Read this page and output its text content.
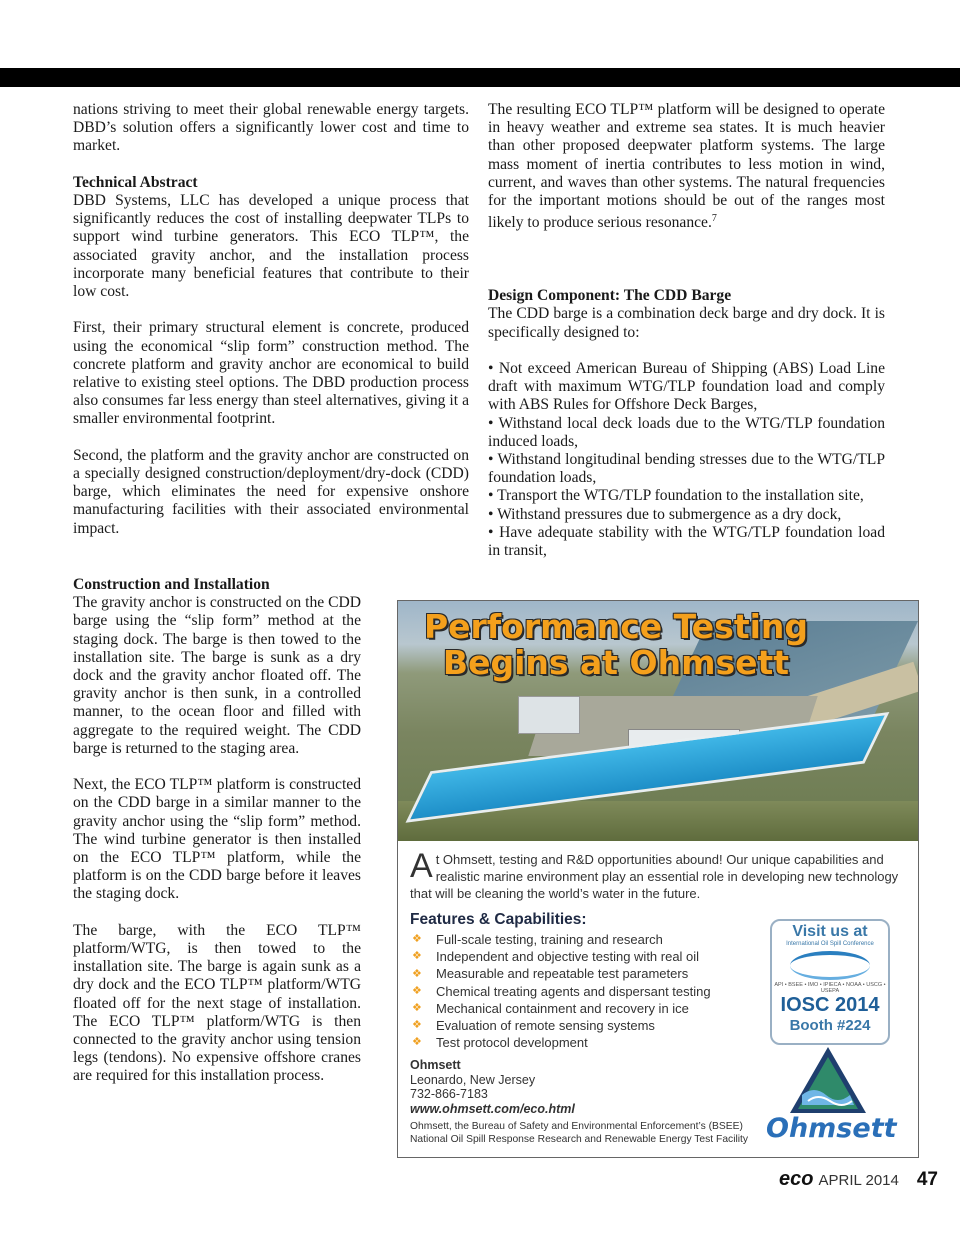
nations striving to meet their global renewable energy targets. DBD’s solution offers a significantly lower cost and time to market.

Technical Abstract

DBD Systems, LLC has developed a unique process that significantly reduces the cost of installing deepwater TLPs to support wind turbine generators. This ECO TLP™, the associated gravity anchor, and the installation process incorporate many beneficial features that contribute to their low cost.

First, their primary structural element is concrete, produced using the economical “slip form” construction method. The concrete platform and gravity anchor are economical to build relative to existing steel options. The DBD production process also consumes far less energy than steel alternatives, giving it a smaller environmental footprint.

Second, the platform and the gravity anchor are constructed on a specially designed construction/deployment/dry-dock (CDD) barge, which eliminates the need for expensive onshore manufacturing facilities with their associated environmental impact.

Construction and Installation

The gravity anchor is constructed on the CDD barge using the “slip form” method at the staging dock. The barge is then towed to the installation site. The barge is sunk as a dry dock and the gravity anchor floated off. The gravity anchor is then sunk, in a controlled manner, to the ocean floor and filled with aggregate to the required weight. The CDD barge is returned to the staging area.

Next, the ECO TLP™ platform is constructed on the CDD barge in a similar manner to the gravity anchor using the “slip form” method. The wind turbine generator is then installed on the ECO TLP™ platform, while the platform is on the CDD barge before it leaves the staging dock.

The barge, with the ECO TLP™ platform/WTG, is then towed to the installation site. The barge is again sunk as a dry dock and the ECO TLP™ platform/WTG floated off for the next stage of installation. The ECO TLP™ platform/WTG is then connected to the gravity anchor using tension legs (tendons). No expensive offshore cranes are required for this installation process.

The resulting ECO TLP™ platform will be designed to operate in heavy weather and extreme sea states. It is much heavier than other proposed deepwater platform systems. The large mass moment of inertia contributes to less motion in wind, current, and waves than other systems. The natural frequencies for the important motions should be out of the ranges most likely to produce serious resonance.$^7$

Design Component: The CDD Barge

The CDD barge is a combination deck barge and dry dock. It is specifically designed to:

• Not exceed American Bureau of Shipping (ABS) Load Line draft with maximum WTG/TLP foundation load and comply with ABS Rules for Offshore Deck Barges,
• Withstand local deck loads due to the WTG/TLP foundation induced loads,
• Withstand longitudinal bending stresses due to the WTG/TLP foundation loads,
• Transport the WTG/TLP foundation to the installation site,
• Withstand pressures due to submergence as a dry dock,
• Have adequate stability with the WTG/TLP foundation load in transit,
Performance Testing
Begins at Ohmsett

At Ohmsett, testing and R&D opportunities abound! Our unique capabilities and realistic marine environment play an essential role in developing new technology that will be cleaning the world’s water in the future.

Features & Capabilities:
❖ Full-scale testing, training and research
❖ Independent and objective testing with real oil
❖ Measurable and repeatable test parameters
❖ Chemical treating agents and dispersant testing
❖ Mechanical containment and recovery in ice
❖ Evaluation of remote sensing systems
❖ Test protocol development
Ohmsett
Leonardo, New Jersey
732-866-7183
www.ohmsett.com/eco.html
Ohmsett, the Bureau of Safety and Environmental Enforcement’s (BSEE) National Oil Spill Response Research and Renewable Energy Test Facility
Visit us at
International Oil Spill Conference
API • BSEE • IMO • IPIECA • NOAA • USCG • USEPA
IOSC 2014
Booth #224
Ohmsett
eco APRIL 2014 47
